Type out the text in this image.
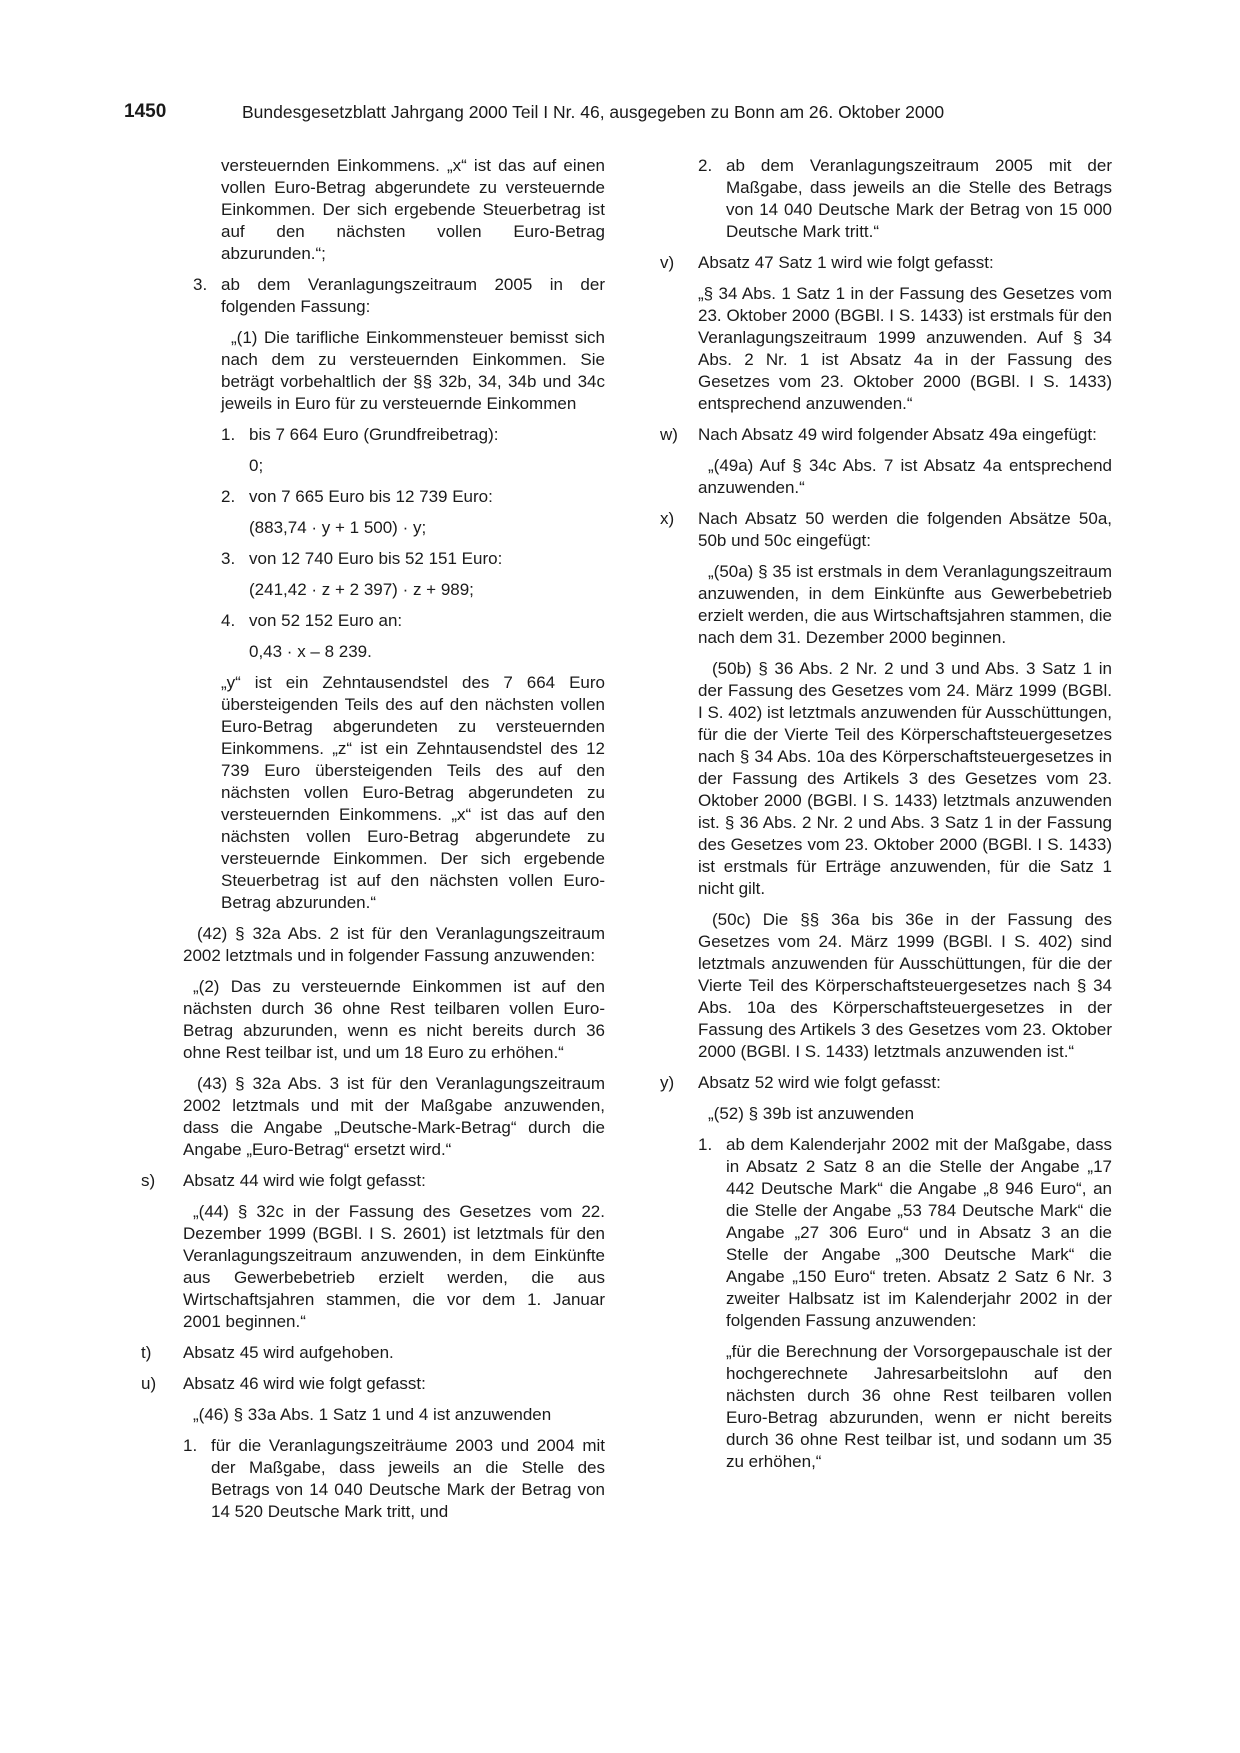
1450	Bundesgesetzblatt Jahrgang 2000 Teil I Nr. 46, ausgegeben zu Bonn am 26. Oktober 2000

versteuernden Einkommens. „x“ ist das auf einen vollen Euro-Betrag abgerundete zu versteuernde Einkommen. Der sich ergebende Steuerbetrag ist auf den nächsten vollen Euro-Betrag abzurunden.“;

3. ab dem Veranlagungszeitraum 2005 in der folgenden Fassung:

„(1) Die tarifliche Einkommensteuer bemisst sich nach dem zu versteuernden Einkommen. Sie beträgt vorbehaltlich der §§ 32b, 34, 34b und 34c jeweils in Euro für zu versteuernde Einkommen

1. bis 7 664 Euro (Grundfreibetrag):

0;

2. von 7 665 Euro bis 12 739 Euro:

(883,74 · y + 1 500) · y;

3. von 12 740 Euro bis 52 151 Euro:

(241,42 · z + 2 397) · z + 989;

4. von 52 152 Euro an:

0,43 · x – 8 239.

„y“ ist ein Zehntausendstel des 7 664 Euro übersteigenden Teils des auf den nächsten vollen Euro-Betrag abgerundeten zu versteuernden Einkommens. „z“ ist ein Zehntausendstel des 12 739 Euro übersteigenden Teils des auf den nächsten vollen Euro-Betrag abgerundeten zu versteuernden Einkommens. „x“ ist das auf den nächsten vollen Euro-Betrag abgerundete zu versteuernde Einkommen. Der sich ergebende Steuerbetrag ist auf den nächsten vollen Euro-Betrag abzurunden.“

(42) § 32a Abs. 2 ist für den Veranlagungszeitraum 2002 letztmals und in folgender Fassung anzuwenden:

„(2) Das zu versteuernde Einkommen ist auf den nächsten durch 36 ohne Rest teilbaren vollen Euro-Betrag abzurunden, wenn es nicht bereits durch 36 ohne Rest teilbar ist, und um 18 Euro zu erhöhen.“

(43) § 32a Abs. 3 ist für den Veranlagungszeitraum 2002 letztmals und mit der Maßgabe anzuwenden, dass die Angabe „Deutsche-Mark-Betrag“ durch die Angabe „Euro-Betrag“ ersetzt wird.“

s)	Absatz 44 wird wie folgt gefasst:

„(44) § 32c in der Fassung des Gesetzes vom 22. Dezember 1999 (BGBl. I S. 2601) ist letztmals für den Veranlagungszeitraum anzuwenden, in dem Einkünfte aus Gewerbebetrieb erzielt werden, die aus Wirtschaftsjahren stammen, die vor dem 1. Januar 2001 beginnen.“

t)	Absatz 45 wird aufgehoben.

u)	Absatz 46 wird wie folgt gefasst:

„(46) § 33a Abs. 1 Satz 1 und 4 ist anzuwenden

1. für die Veranlagungszeiträume 2003 und 2004 mit der Maßgabe, dass jeweils an die Stelle des Betrags von 14 040 Deutsche Mark der Betrag von 14 520 Deutsche Mark tritt, und

2. ab dem Veranlagungszeitraum 2005 mit der Maßgabe, dass jeweils an die Stelle des Betrags von 14 040 Deutsche Mark der Betrag von 15 000 Deutsche Mark tritt.“

v)	Absatz 47 Satz 1 wird wie folgt gefasst:

„§ 34 Abs. 1 Satz 1 in der Fassung des Gesetzes vom 23. Oktober 2000 (BGBl. I S. 1433) ist erstmals für den Veranlagungszeitraum 1999 anzuwenden. Auf § 34 Abs. 2 Nr. 1 ist Absatz 4a in der Fassung des Gesetzes vom 23. Oktober 2000 (BGBl. I S. 1433) entsprechend anzuwenden.“

w)	Nach Absatz 49 wird folgender Absatz 49a eingefügt:

„(49a) Auf § 34c Abs. 7 ist Absatz 4a entsprechend anzuwenden.“

x)	Nach Absatz 50 werden die folgenden Absätze 50a, 50b und 50c eingefügt:

„(50a) § 35 ist erstmals in dem Veranlagungszeitraum anzuwenden, in dem Einkünfte aus Gewerbebetrieb erzielt werden, die aus Wirtschaftsjahren stammen, die nach dem 31. Dezember 2000 beginnen.

(50b) § 36 Abs. 2 Nr. 2 und 3 und Abs. 3 Satz 1 in der Fassung des Gesetzes vom 24. März 1999 (BGBl. I S. 402) ist letztmals anzuwenden für Ausschüttungen, für die der Vierte Teil des Körperschaftsteuergesetzes nach § 34 Abs. 10a des Körperschaftsteuergesetzes in der Fassung des Artikels 3 des Gesetzes vom 23. Oktober 2000 (BGBl. I S. 1433) letztmals anzuwenden ist. § 36 Abs. 2 Nr. 2 und Abs. 3 Satz 1 in der Fassung des Gesetzes vom 23. Oktober 2000 (BGBl. I S. 1433) ist erstmals für Erträge anzuwenden, für die Satz 1 nicht gilt.

(50c) Die §§ 36a bis 36e in der Fassung des Gesetzes vom 24. März 1999 (BGBl. I S. 402) sind letztmals anzuwenden für Ausschüttungen, für die der Vierte Teil des Körperschaftsteuergesetzes nach § 34 Abs. 10a des Körperschaftsteuergesetzes in der Fassung des Artikels 3 des Gesetzes vom 23. Oktober 2000 (BGBl. I S. 1433) letztmals anzuwenden ist.“

y)	Absatz 52 wird wie folgt gefasst:

„(52) § 39b ist anzuwenden

1. ab dem Kalenderjahr 2002 mit der Maßgabe, dass in Absatz 2 Satz 8 an die Stelle der Angabe „17 442 Deutsche Mark“ die Angabe „8 946 Euro“, an die Stelle der Angabe „53 784 Deutsche Mark“ die Angabe „27 306 Euro“ und in Absatz 3 an die Stelle der Angabe „300 Deutsche Mark“ die Angabe „150 Euro“ treten. Absatz 2 Satz 6 Nr. 3 zweiter Halbsatz ist im Kalenderjahr 2002 in der folgenden Fassung anzuwenden:

„für die Berechnung der Vorsorgepauschale ist der hochgerechnete Jahresarbeitslohn auf den nächsten durch 36 ohne Rest teilbaren vollen Euro-Betrag abzurunden, wenn er nicht bereits durch 36 ohne Rest teilbar ist, und sodann um 35 zu erhöhen,“
